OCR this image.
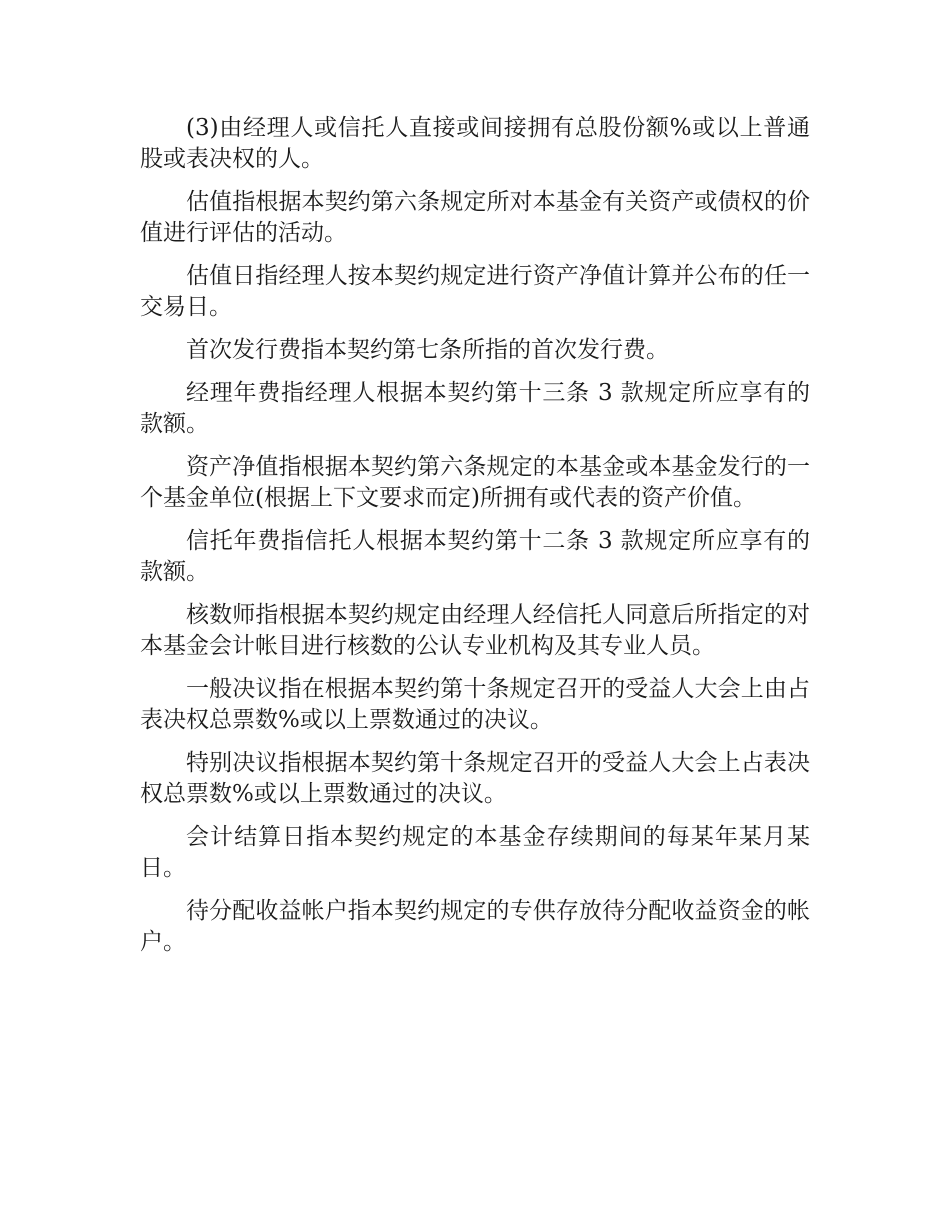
(3)由经理人或信托人直接或间接拥有总股份额%或以上普通股或表决权的人。

估值指根据本契约第六条规定所对本基金有关资产或债权的价值进行评估的活动。

估值日指经理人按本契约规定进行资产净值计算并公布的任一交易日。

首次发行费指本契约第七条所指的首次发行费。

经理年费指经理人根据本契约第十三条 3 款规定所应享有的款额。

资产净值指根据本契约第六条规定的本基金或本基金发行的一个基金单位(根据上下文要求而定)所拥有或代表的资产价值。

信托年费指信托人根据本契约第十二条 3 款规定所应享有的款额。

核数师指根据本契约规定由经理人经信托人同意后所指定的对本基金会计帐目进行核数的公认专业机构及其专业人员。

一般决议指在根据本契约第十条规定召开的受益人大会上由占表决权总票数%或以上票数通过的决议。

特别决议指根据本契约第十条规定召开的受益人大会上占表决权总票数%或以上票数通过的决议。

会计结算日指本契约规定的本基金存续期间的每某年某月某日。

待分配收益帐户指本契约规定的专供存放待分配收益资金的帐户。
